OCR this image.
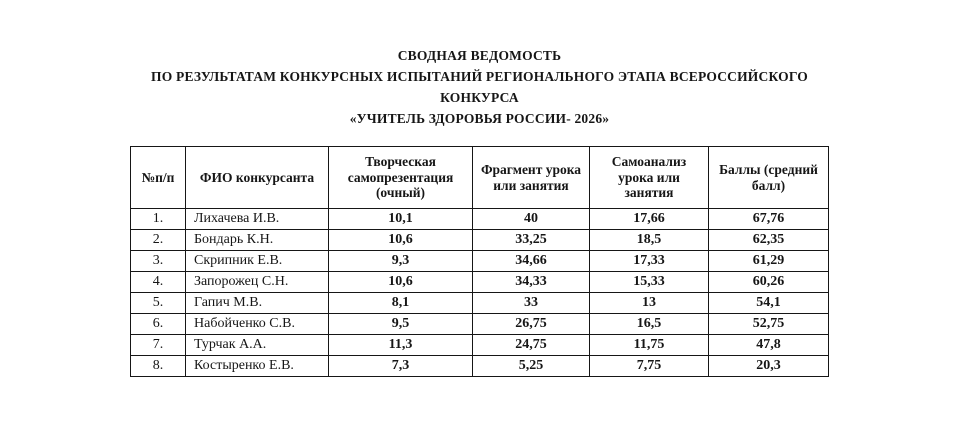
СВОДНАЯ ВЕДОМОСТЬ
ПО РЕЗУЛЬТАТАМ КОНКУРСНЫХ ИСПЫТАНИЙ РЕГИОНАЛЬНОГО ЭТАПА ВСЕРОССИЙСКОГО
КОНКУРСА
«УЧИТЕЛЬ ЗДОРОВЬЯ РОССИИ- 2026»
№п/п	ФИО конкурсанта	Творческая самопрезентация (очный)	Фрагмент урока или занятия	Самоанализ урока или занятия	Баллы (средний балл)
1.	Лихачева И.В.	10,1	40	17,66	67,76
2.	Бондарь К.Н.	10,6	33,25	18,5	62,35
3.	Скрипник Е.В.	9,3	34,66	17,33	61,29
4.	Запорожец С.Н.	10,6	34,33	15,33	60,26
5.	Гапич М.В.	8,1	33	13	54,1
6.	Набойченко С.В.	9,5	26,75	16,5	52,75
7.	Турчак А.А.	11,3	24,75	11,75	47,8
8.	Костыренко Е.В.	7,3	5,25	7,75	20,3
